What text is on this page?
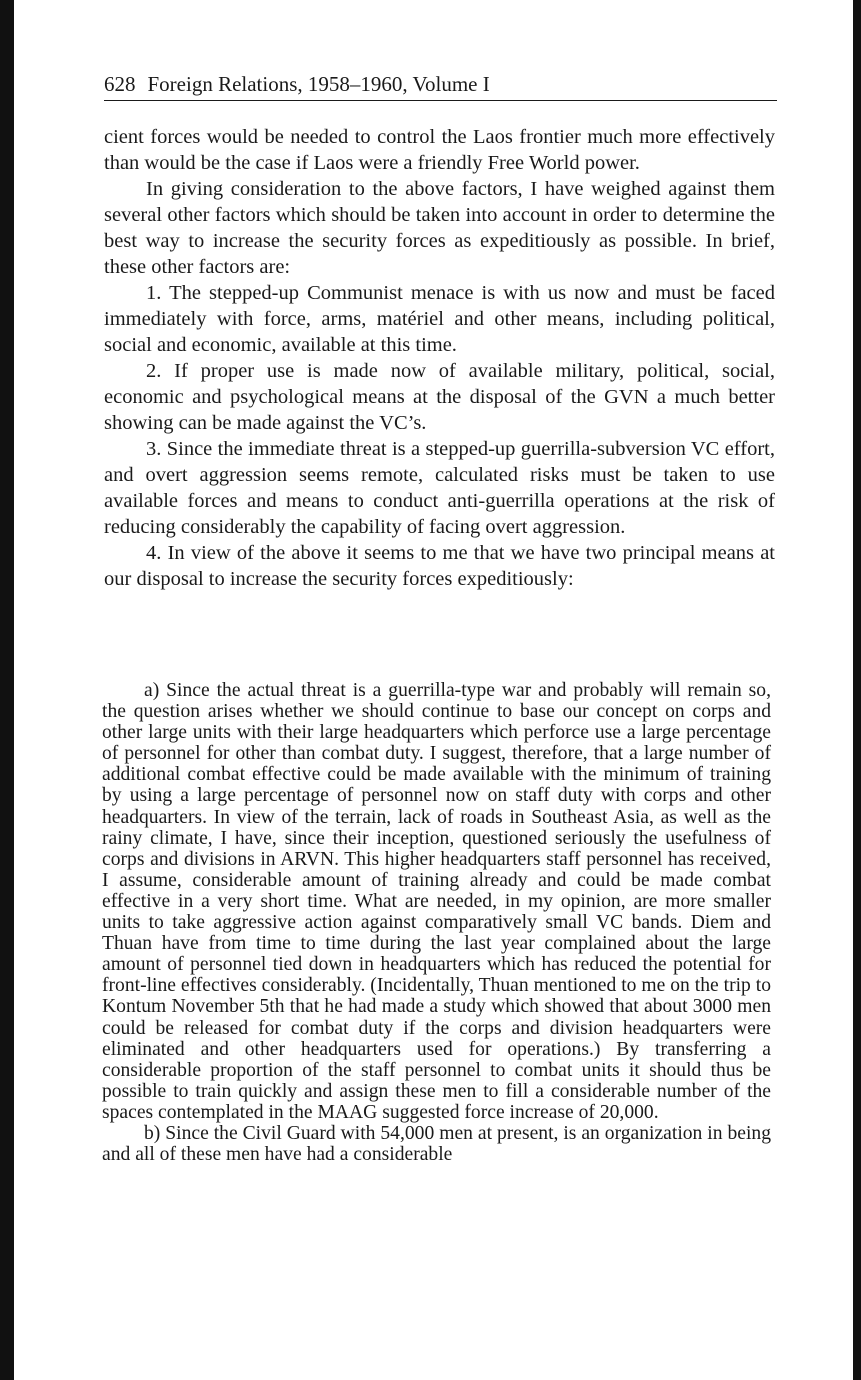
628 Foreign Relations, 1958–1960, Volume I

cient forces would be needed to control the Laos frontier much more effectively than would be the case if Laos were a friendly Free World power.

In giving consideration to the above factors, I have weighed against them several other factors which should be taken into account in order to determine the best way to increase the security forces as expeditiously as possible. In brief, these other factors are:

1. The stepped-up Communist menace is with us now and must be faced immediately with force, arms, matériel and other means, including political, social and economic, available at this time.

2. If proper use is made now of available military, political, social, economic and psychological means at the disposal of the GVN a much better showing can be made against the VC’s.

3. Since the immediate threat is a stepped-up guerrilla-subversion VC effort, and overt aggression seems remote, calculated risks must be taken to use available forces and means to conduct anti-guerrilla operations at the risk of reducing considerably the capability of facing overt aggression.

4. In view of the above it seems to me that we have two principal means at our disposal to increase the security forces expeditiously:

a) Since the actual threat is a guerrilla-type war and probably will remain so, the question arises whether we should continue to base our concept on corps and other large units with their large headquarters which perforce use a large percentage of personnel for other than combat duty. I suggest, therefore, that a large number of additional combat effective could be made available with the minimum of training by using a large percentage of personnel now on staff duty with corps and other headquarters. In view of the terrain, lack of roads in Southeast Asia, as well as the rainy climate, I have, since their inception, questioned seriously the usefulness of corps and divisions in ARVN. This higher headquarters staff personnel has received, I assume, considerable amount of training already and could be made combat effective in a very short time. What are needed, in my opinion, are more smaller units to take aggressive action against comparatively small VC bands. Diem and Thuan have from time to time during the last year complained about the large amount of personnel tied down in headquarters which has reduced the potential for front-line effectives considerably. (Incidentally, Thuan mentioned to me on the trip to Kontum November 5th that he had made a study which showed that about 3000 men could be released for combat duty if the corps and division headquarters were eliminated and other headquarters used for operations.) By transferring a considerable proportion of the staff personnel to combat units it should thus be possible to train quickly and assign these men to fill a considerable number of the spaces contemplated in the MAAG suggested force increase of 20,000.

b) Since the Civil Guard with 54,000 men at present, is an organization in being and all of these men have had a considerable
